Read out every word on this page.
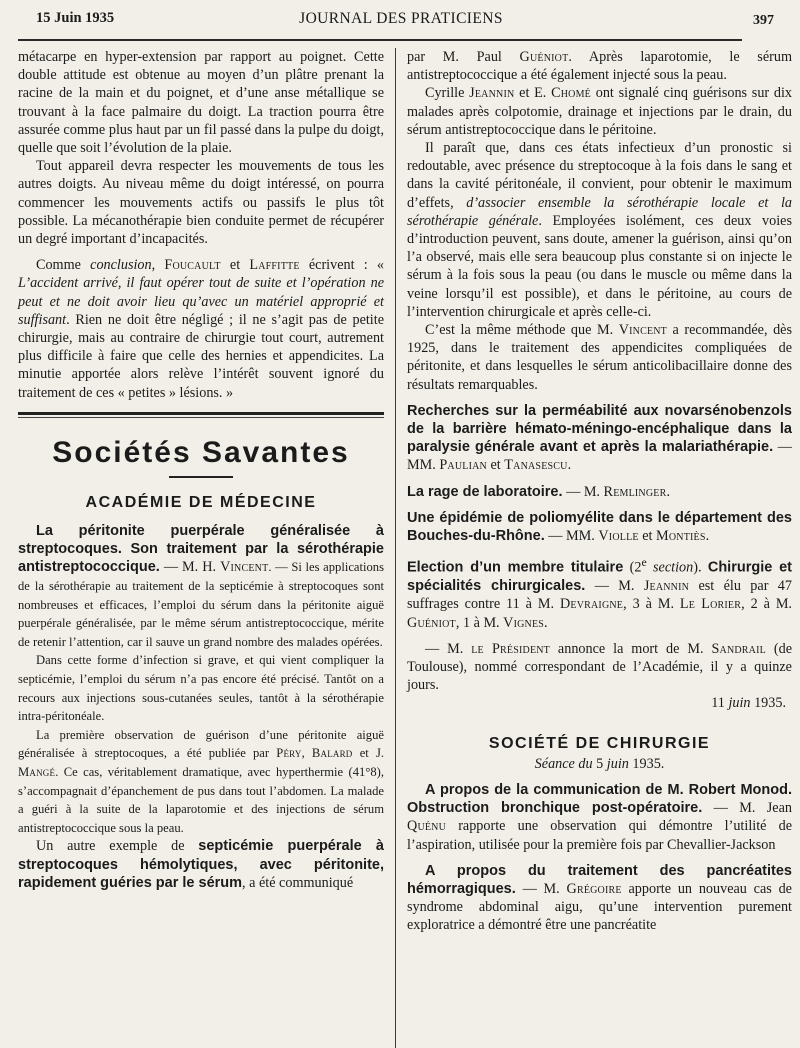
15 Juin 1935	JOURNAL DES PRATICIENS	397

métacarpe en hyper-extension par rapport au poignet. Cette double attitude est obtenue au moyen d’un plâtre prenant la racine de la main et du poignet, et d’une anse métallique se trouvant à la face palmaire du doigt. La traction pourra être assurée comme plus haut par un fil passé dans la pulpe du doigt, quelle que soit l’évolution de la plaie.

Tout appareil devra respecter les mouvements de tous les autres doigts. Au niveau même du doigt intéressé, on pourra commencer les mouvements actifs ou passifs le plus tôt possible. La mécanothérapie bien conduite permet de récupérer un degré important d’incapacités.

Comme conclusion, Foucault et Laffitte écrivent : « L’accident arrivé, il faut opérer tout de suite et l’opération ne peut et ne doit avoir lieu qu’avec un matériel approprié et suffisant. Rien ne doit être négligé ; il ne s’agit pas de petite chirurgie, mais au contraire de chirurgie tout court, autrement plus difficile à faire que celle des hernies et appendicites. La minutie apportée alors relève l’intérêt souvent ignoré du traitement de ces « petites » lésions. »

Sociétés Savantes
ACADÉMIE DE MÉDECINE

La péritonite puerpérale généralisée à streptocoques. Son traitement par la sérothérapie antistreptococcique. — M. H. Vincent. — Si les applications de la sérothérapie au traitement de la septicémie à streptocoques sont nombreuses et efficaces, l’emploi du sérum dans la péritonite aiguë puerpérale généralisée, par le même sérum antistreptococcique, mérite de retenir l’attention, car il sauve un grand nombre des malades opérées.

Dans cette forme d’infection si grave, et qui vient compliquer la septicémie, l’emploi du sérum n’a pas encore été précisé. Tantôt on a recours aux injections sous-cutanées seules, tantôt à la sérothérapie intra-péritonéale.

La première observation de guérison d’une péritonite aiguë généralisée à streptocoques, a été publiée par Péry, Balard et J. Mangé. Ce cas, véritablement dramatique, avec hyperthermie (41°8), s’accompagnait d’épanchement de pus dans tout l’abdomen. La malade a guéri à la suite de la laparotomie et des injections de sérum antistreptococcique sous la peau.

Un autre exemple de septicémie puerpérale à streptocoques hémolytiques, avec péritonite, rapidement guéries par le sérum, a été communiqué

par M. Paul Guéniot. Après laparotomie, le sérum antistreptococcique a été également injecté sous la peau.

Cyrille Jeannin et E. Chomé ont signalé cinq guérisons sur dix malades après colpotomie, drainage et injections par le drain, du sérum antistreptococcique dans le péritoine.

Il paraît que, dans ces états infectieux d’un pronostic si redoutable, avec présence du streptocoque à la fois dans le sang et dans la cavité péritonéale, il convient, pour obtenir le maximum d’effets, d’associer ensemble la sérothérapie locale et la sérothérapie générale. Employées isolément, ces deux voies d’introduction peuvent, sans doute, amener la guérison, ainsi qu’on l’a observé, mais elle sera beaucoup plus constante si on injecte le sérum à la fois sous la peau (ou dans le muscle ou même dans la veine lorsqu’il est possible), et dans le péritoine, au cours de l’intervention chirurgicale et après celle-ci.

C’est la même méthode que M. Vincent a recommandée, dès 1925, dans le traitement des appendicites compliquées de péritonite, et dans lesquelles le sérum anticolibacillaire donne des résultats remarquables.

Recherches sur la perméabilité aux novarsénobenzols de la barrière hémato-méningo-encéphalique dans la paralysie générale avant et après la malariathérapie. — MM. Paulian et Tanasescu.

La rage de laboratoire. — M. Remlinger.

Une épidémie de poliomyélite dans le département des Bouches-du-Rhône. — MM. Violle et Montiès.

Election d’un membre titulaire (2e section). Chirurgie et spécialités chirurgicales. — M. Jeannin est élu par 47 suffrages contre 11 à M. Devraigne, 3 à M. Le Lorier, 2 à M. Guéniot, 1 à M. Vignes.

— M. le Président annonce la mort de M. Sandrail (de Toulouse), nommé correspondant de l’Académie, il y a quinze jours.

11 juin 1935.

SOCIÉTÉ DE CHIRURGIE

Séance du 5 juin 1935.

A propos de la communication de M. Robert Monod. Obstruction bronchique post-opératoire. — M. Jean Quénu rapporte une observation qui démontre l’utilité de l’aspiration, utilisée pour la première fois par Chevallier-Jackson

A propos du traitement des pancréatites hémorragiques. — M. Grégoire apporte un nouveau cas de syndrome abdominal aigu, qu’une intervention purement exploratrice a démontré être une pancréatite
